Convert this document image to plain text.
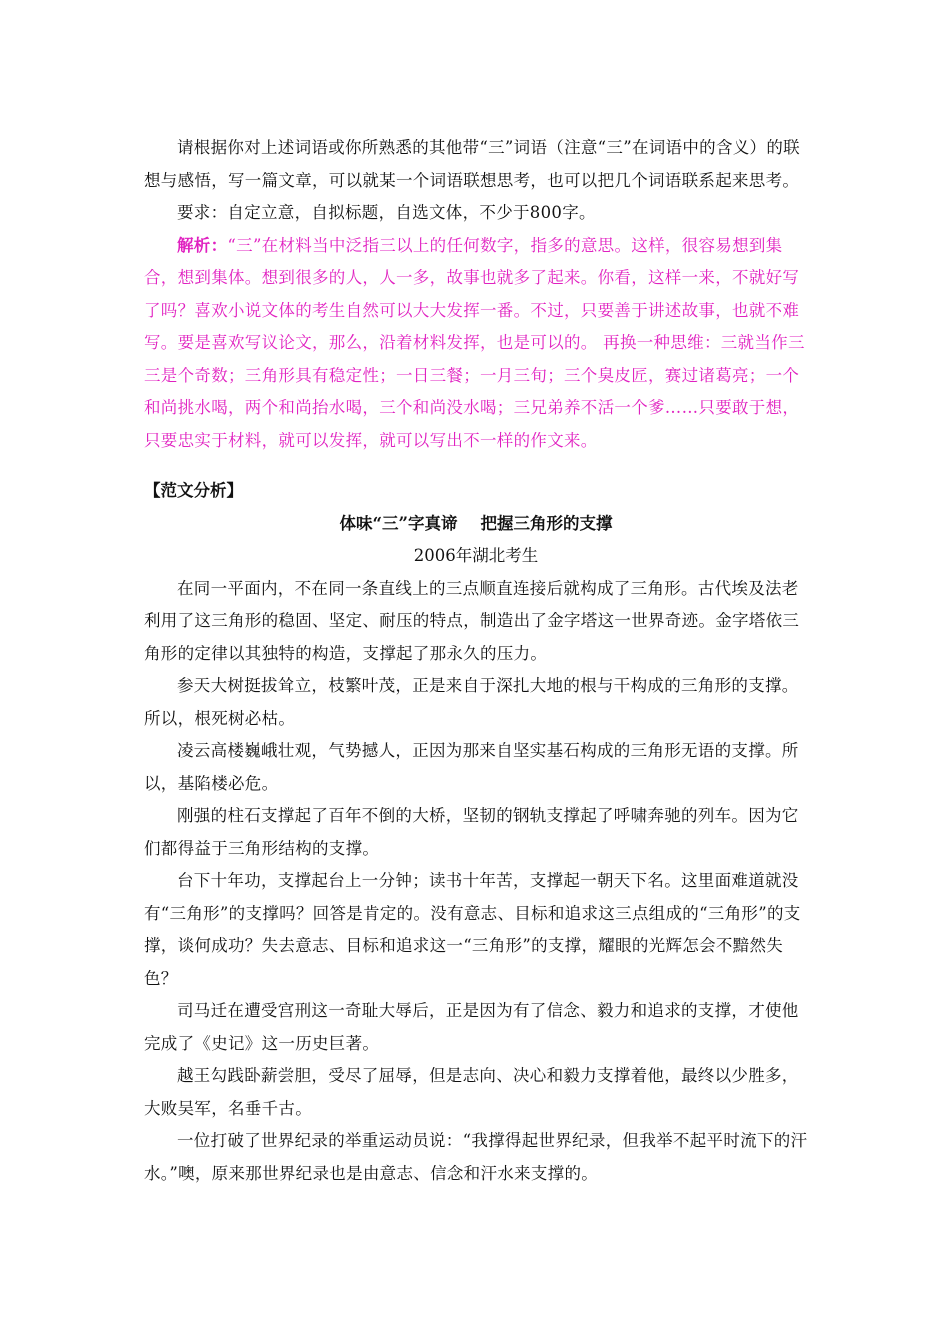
请根据你对上述词语或你所熟悉的其他带“三”词语（注意“三”在词语中的含义）的联想与感悟，写一篇文章，可以就某一个词语联想思考，也可以把几个词语联系起来思考。

要求：自定立意，自拟标题，自选文体，不少于800字。

解析：“三”在材料当中泛指三以上的任何数字，指多的意思。这样，很容易想到集合，想到集体。想到很多的人，人一多，故事也就多了起来。你看，这样一来，不就好写了吗？喜欢小说文体的考生自然可以大大发挥一番。不过，只要善于讲述故事，也就不难写。要是喜欢写议论文，那么，沿着材料发挥，也是可以的。 再换一种思维：三就当作三三是个奇数；三角形具有稳定性；一日三餐；一月三旬；三个臭皮匠，赛过诸葛亮；一个和尚挑水喝，两个和尚抬水喝，三个和尚没水喝；三兄弟养不活一个爹……只要敢于想，只要忠实于材料，就可以发挥，就可以写出不一样的作文来。

【范文分析】

体味“三”字真谛    把握三角形的支撑

2006年湖北考生

在同一平面内，不在同一条直线上的三点顺直连接后就构成了三角形。古代埃及法老利用了这三角形的稳固、坚定、耐压的特点，制造出了金字塔这一世界奇迹。金字塔依三角形的定律以其独特的构造，支撑起了那永久的压力。

参天大树挺拔耸立，枝繁叶茂，正是来自于深扎大地的根与干构成的三角形的支撑。所以，根死树必枯。

凌云高楼巍峨壮观，气势撼人，正因为那来自坚实基石构成的三角形无语的支撑。所以，基陷楼必危。

刚强的柱石支撑起了百年不倒的大桥，坚韧的钢轨支撑起了呼啸奔驰的列车。因为它们都得益于三角形结构的支撑。

台下十年功，支撑起台上一分钟；读书十年苦，支撑起一朝天下名。这里面难道就没有“三角形”的支撑吗？回答是肯定的。没有意志、目标和追求这三点组成的“三角形”的支撑，谈何成功？失去意志、目标和追求这一“三角形”的支撑，耀眼的光辉怎会不黯然失色？

司马迁在遭受宫刑这一奇耻大辱后，正是因为有了信念、毅力和追求的支撑，才使他完成了《史记》这一历史巨著。

越王勾践卧薪尝胆，受尽了屈辱，但是志向、决心和毅力支撑着他，最终以少胜多，大败吴军，名垂千古。

一位打破了世界纪录的举重运动员说：“我撑得起世界纪录，但我举不起平时流下的汗水。”噢，原来那世界纪录也是由意志、信念和汗水来支撑的。
